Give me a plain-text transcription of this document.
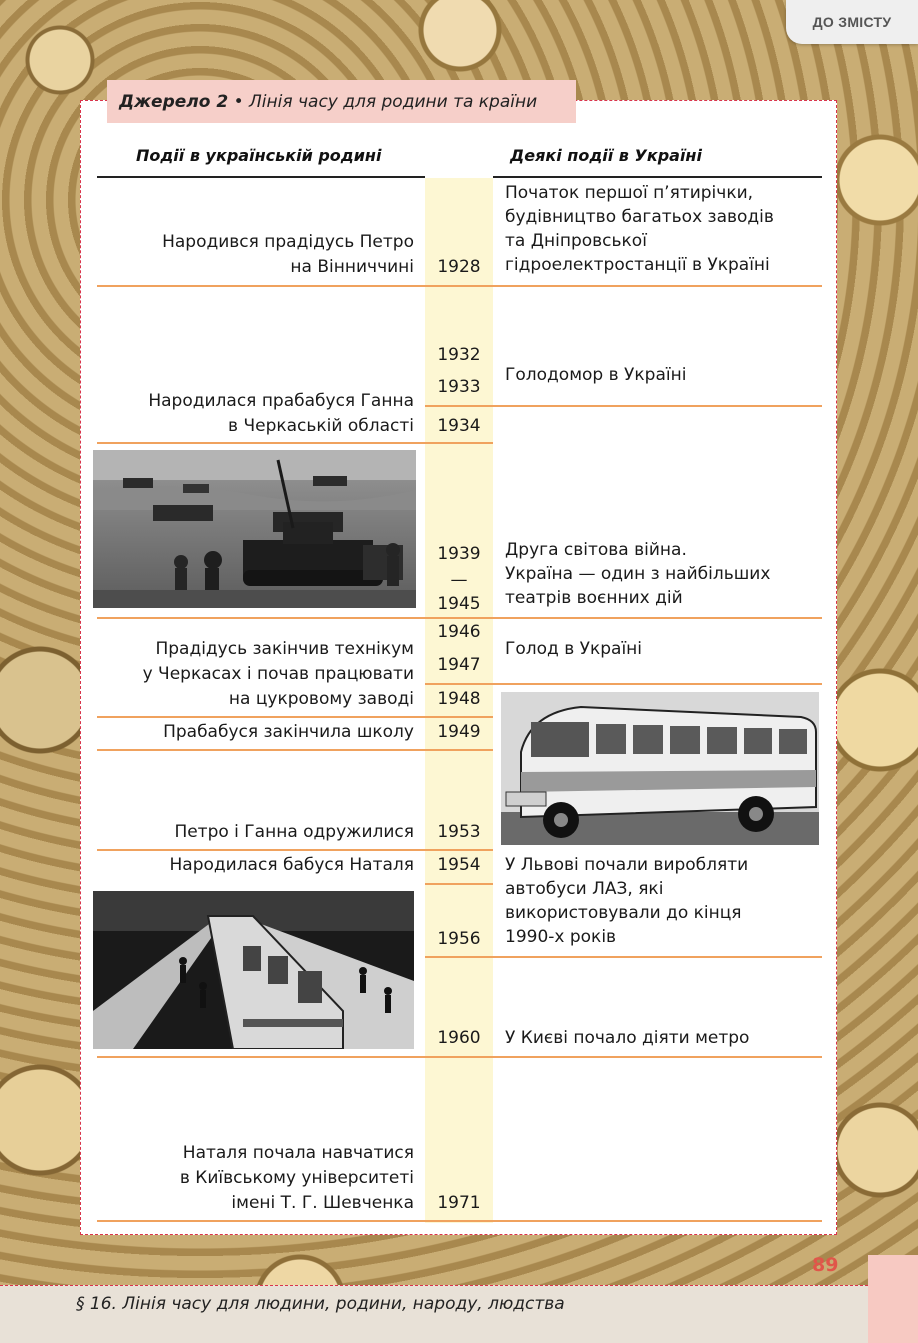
ДО ЗМІСТУ
Джерело 2 • Лінія часу для родини та країни
Події в українській родині	Деякі події в Україні
Народився прадідусь Петро
на Вінниччині
Народилася прабабуся Ганна
в Черкаській області
Прадідусь закінчив технікум
у Черкасах і почав працювати
на цукровому заводі
Прабабуся закінчила школу
Петро і Ганна одружилися
Народилася бабуся Наталя
Наталя почала навчатися
в Київському університеті
імені Т. Г. Шевченка
1928
1932
1933
1934
1939
—
1945
1946
1947
1948
1949
1953
1954
1956
1960
1971
Початок першої п’ятирічки,
будівництво багатьох заводів
та Дніпровської
гідроелектростанції в Україні
Голодомор в Україні
Друга світова війна.
Україна — один з найбільших
театрів воєнних дій
Голод в Україні
У Львові почали виробляти
автобуси ЛАЗ, які
використовували до кінця
1990-х років
У Києві почало діяти метро
89
§ 16. Лінія часу для людини, родини, народу, людства
